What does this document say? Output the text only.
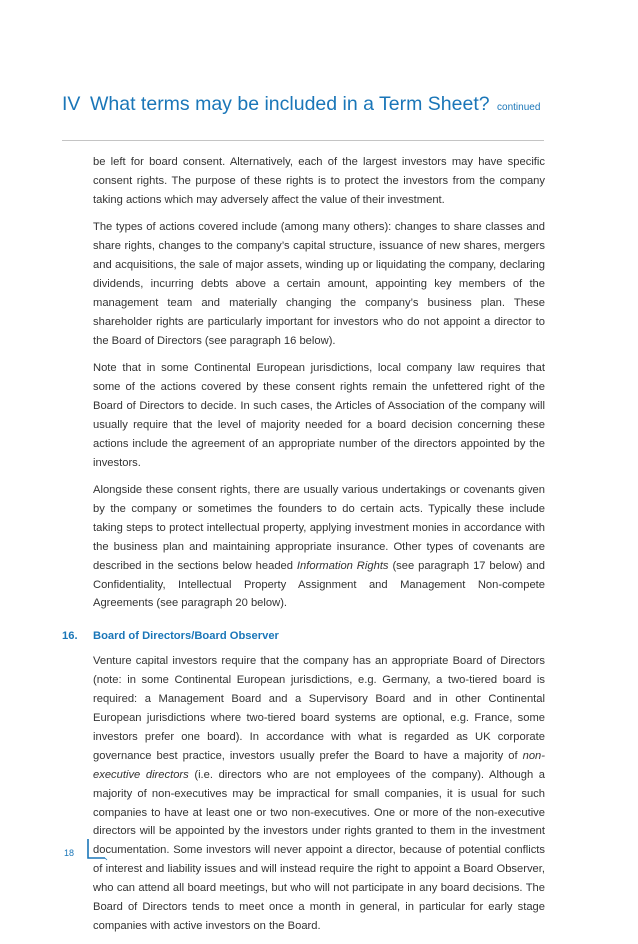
IV What terms may be included in a Term Sheet? continued

be left for board consent. Alternatively, each of the largest investors may have specific consent rights. The purpose of these rights is to protect the investors from the company taking actions which may adversely affect the value of their investment.

The types of actions covered include (among many others): changes to share classes and share rights, changes to the company’s capital structure, issuance of new shares, mergers and acquisitions, the sale of major assets, winding up or liquidating the company, declaring dividends, incurring debts above a certain amount, appointing key members of the management team and materially changing the company’s business plan. These shareholder rights are particularly important for investors who do not appoint a director to the Board of Directors (see paragraph 16 below).

Note that in some Continental European jurisdictions, local company law requires that some of the actions covered by these consent rights remain the unfettered right of the Board of Directors to decide. In such cases, the Articles of Association of the company will usually require that the level of majority needed for a board decision concerning these actions include the agreement of an appropriate number of the directors appointed by the investors.

Alongside these consent rights, there are usually various undertakings or covenants given by the company or sometimes the founders to do certain acts. Typically these include taking steps to protect intellectual property, applying investment monies in accordance with the business plan and maintaining appropriate insurance. Other types of covenants are described in the sections below headed Information Rights (see paragraph 17 below) and Confidentiality, Intellectual Property Assignment and Management Non-compete Agreements (see paragraph 20 below).

16. Board of Directors/Board Observer

Venture capital investors require that the company has an appropriate Board of Directors (note: in some Continental European jurisdictions, e.g. Germany, a two-tiered board is required: a Management Board and a Supervisory Board and in other Continental European jurisdictions where two-tiered board systems are optional, e.g. France, some investors prefer one board). In accordance with what is regarded as UK corporate governance best practice, investors usually prefer the Board to have a majority of non-executive directors (i.e. directors who are not employees of the company). Although a majority of non-executives may be impractical for small companies, it is usual for such companies to have at least one or two non-executives. One or more of the non-executive directors will be appointed by the investors under rights granted to them in the investment documentation. Some investors will never appoint a director, because of potential conflicts of interest and liability issues and will instead require the right to appoint a Board Observer, who can attend all board meetings, but who will not participate in any board decisions. The Board of Directors tends to meet once a month in general, in particular for early stage companies with active investors on the Board.

18
